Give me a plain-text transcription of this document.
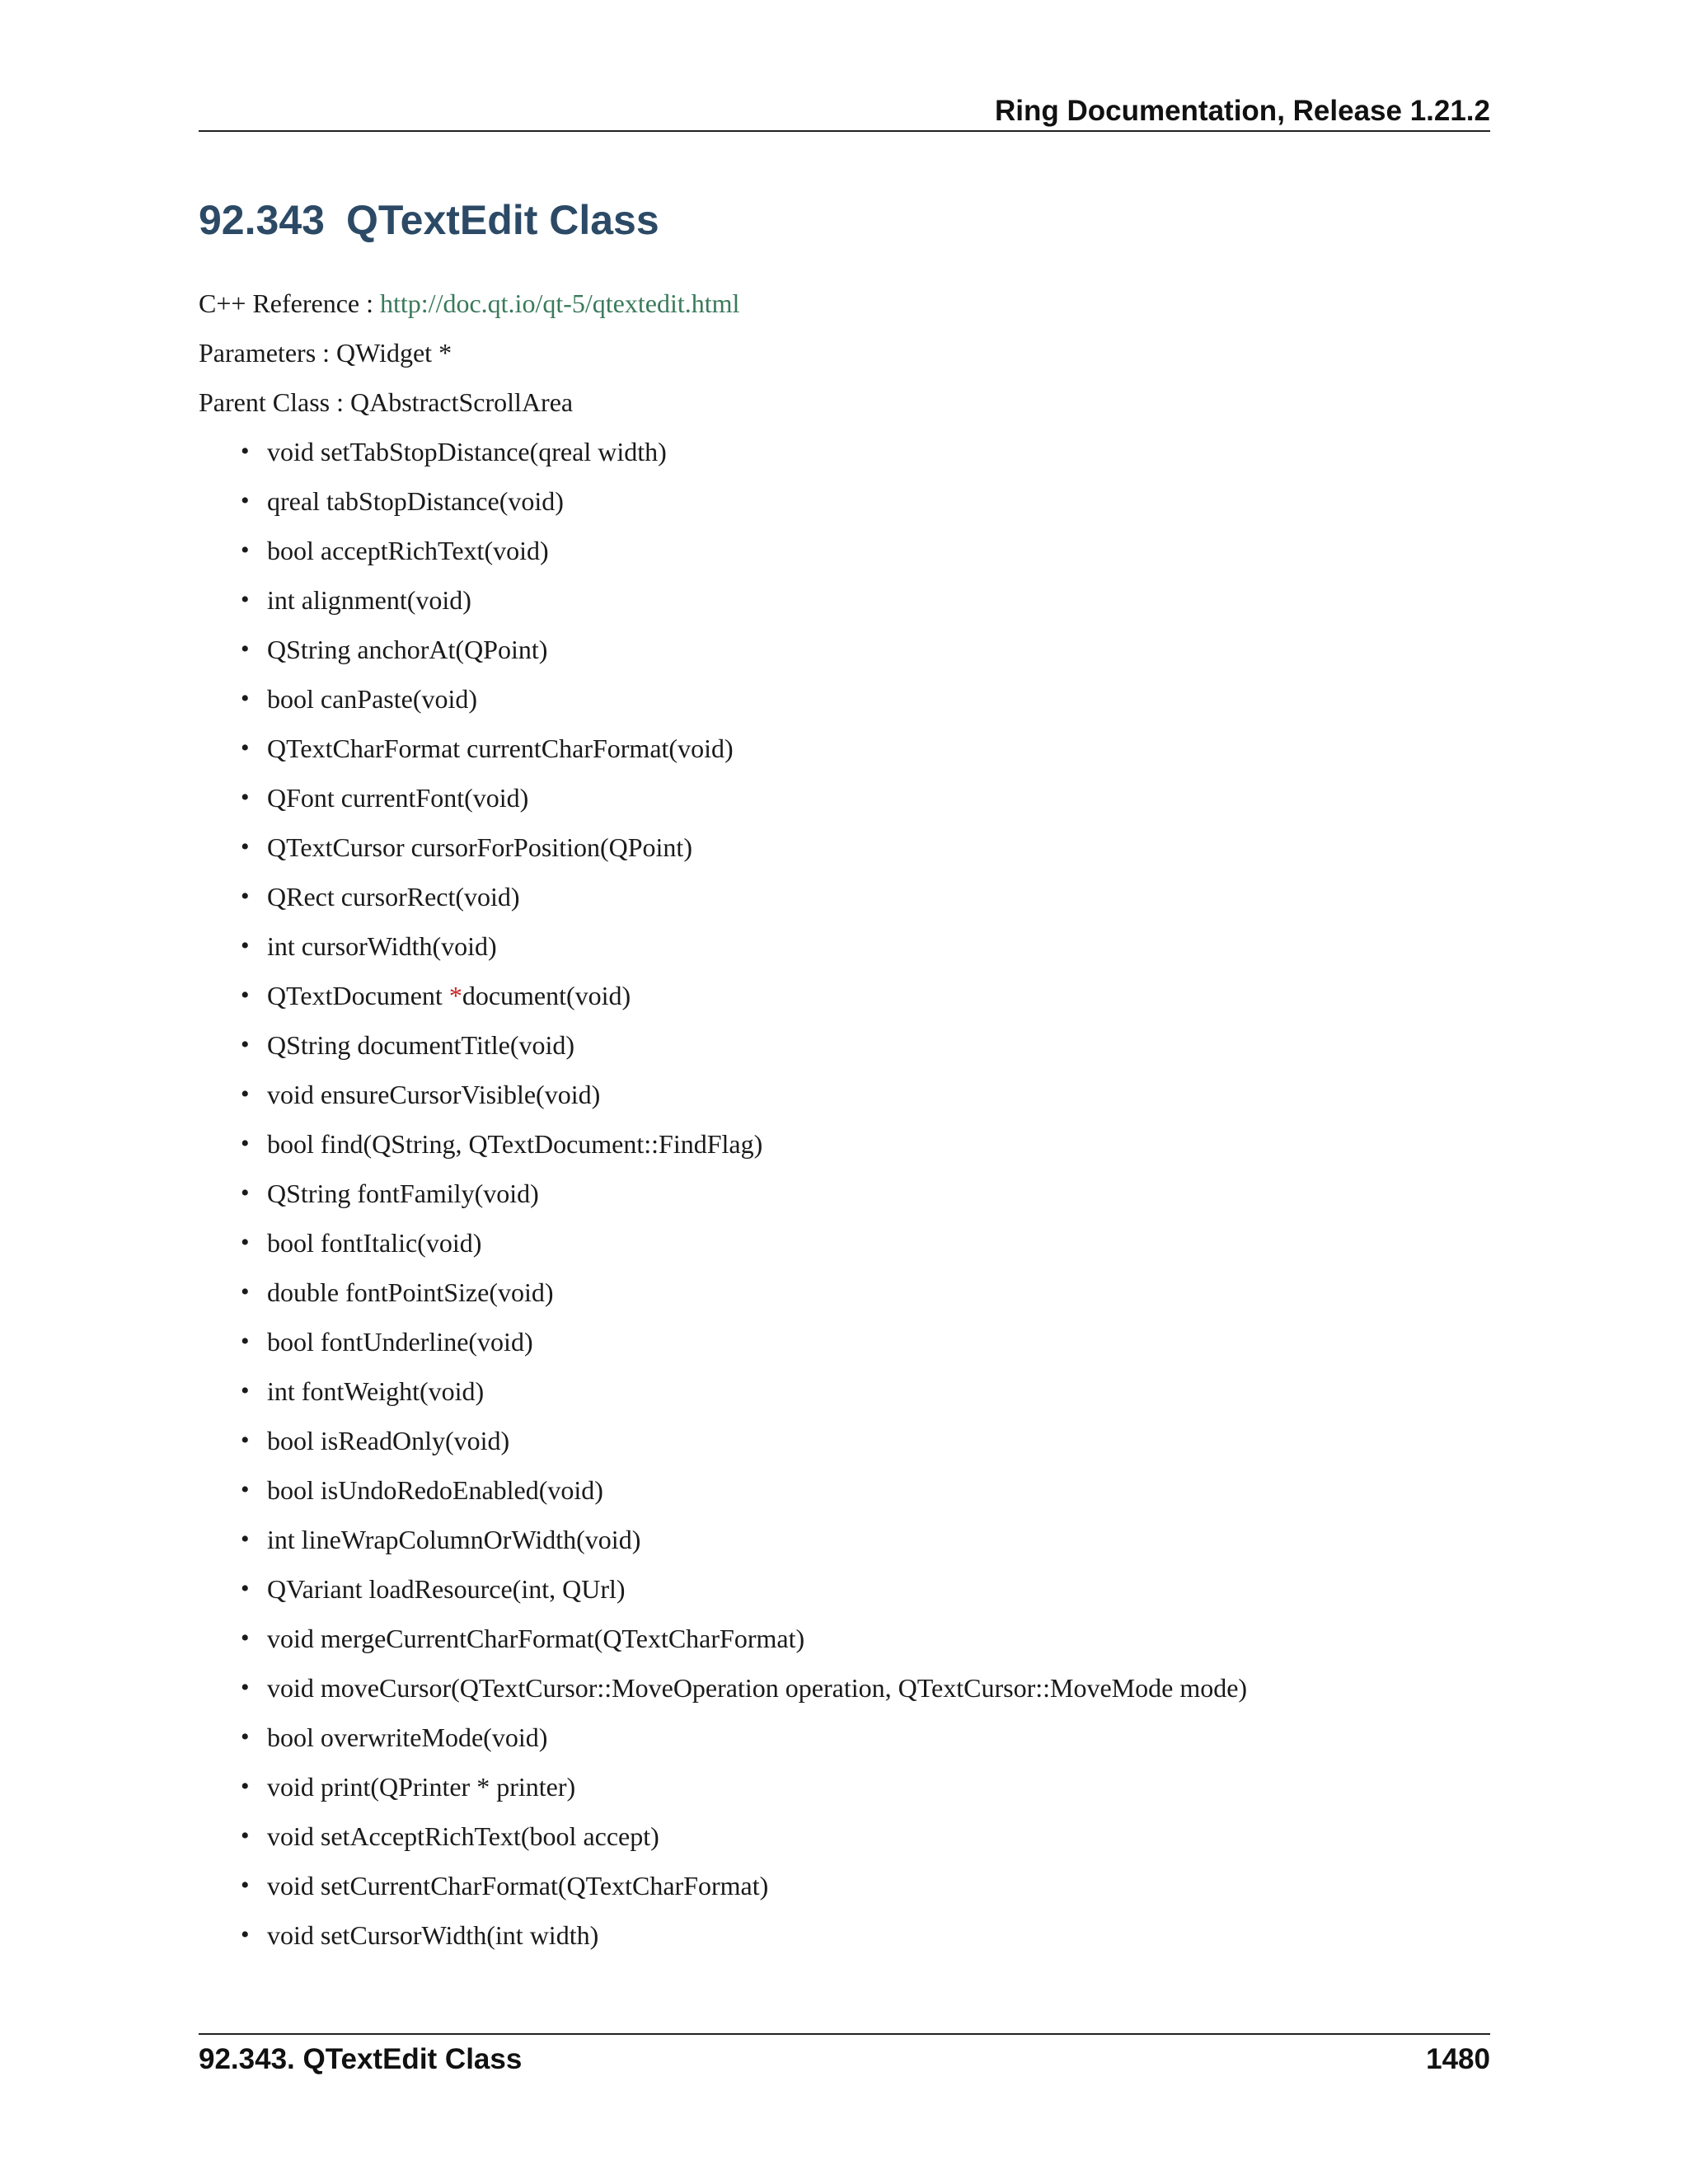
Ring Documentation, Release 1.21.2
92.343 QTextEdit Class
C++ Reference : http://doc.qt.io/qt-5/qtextedit.html
Parameters : QWidget *
Parent Class : QAbstractScrollArea
• void setTabStopDistance(qreal width)
• qreal tabStopDistance(void)
• bool acceptRichText(void)
• int alignment(void)
• QString anchorAt(QPoint)
• bool canPaste(void)
• QTextCharFormat currentCharFormat(void)
• QFont currentFont(void)
• QTextCursor cursorForPosition(QPoint)
• QRect cursorRect(void)
• int cursorWidth(void)
• QTextDocument *document(void)
• QString documentTitle(void)
• void ensureCursorVisible(void)
• bool find(QString, QTextDocument::FindFlag)
• QString fontFamily(void)
• bool fontItalic(void)
• double fontPointSize(void)
• bool fontUnderline(void)
• int fontWeight(void)
• bool isReadOnly(void)
• bool isUndoRedoEnabled(void)
• int lineWrapColumnOrWidth(void)
• QVariant loadResource(int, QUrl)
• void mergeCurrentCharFormat(QTextCharFormat)
• void moveCursor(QTextCursor::MoveOperation operation, QTextCursor::MoveMode mode)
• bool overwriteMode(void)
• void print(QPrinter * printer)
• void setAcceptRichText(bool accept)
• void setCurrentCharFormat(QTextCharFormat)
• void setCursorWidth(int width)
92.343. QTextEdit Class	1480
